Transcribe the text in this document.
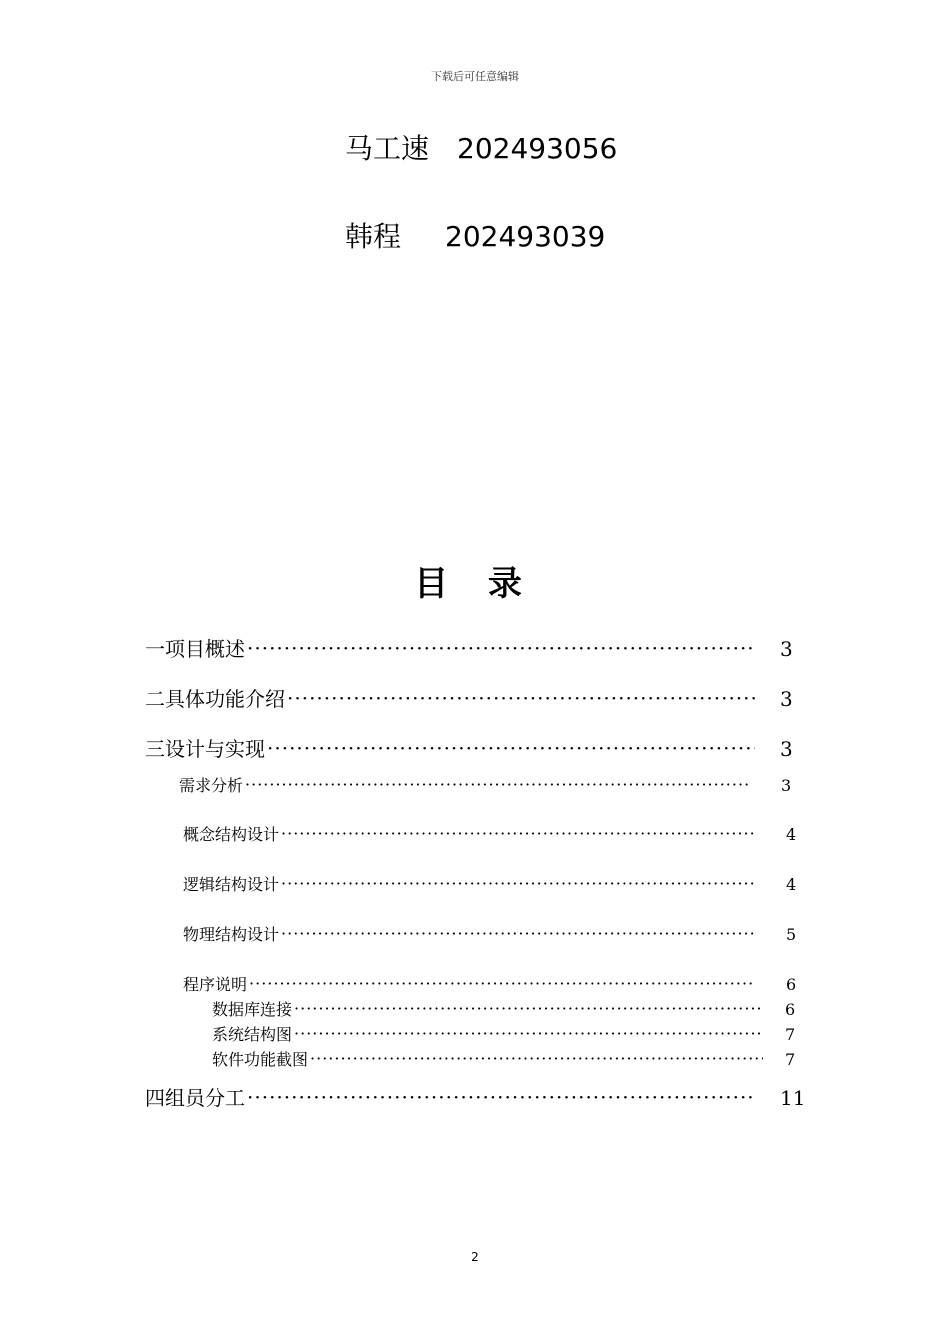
下载后可任意编辑
马工速 202493056
韩程 202493039
目 录
一 项目概述 ·····	3
二 具体功能介绍 ·····	3
三 设计与实现 ·····	3
需求分析 ·····	3
概念结构设计 ·····	4
逻辑结构设计 ·····	4
物理结构设计 ·····	5
程序说明 ·····	6
数据库连接 ·····	6
系统结构图 ·····	7
软件功能截图 ·····	7
四 组员分工 ·····	11
2
